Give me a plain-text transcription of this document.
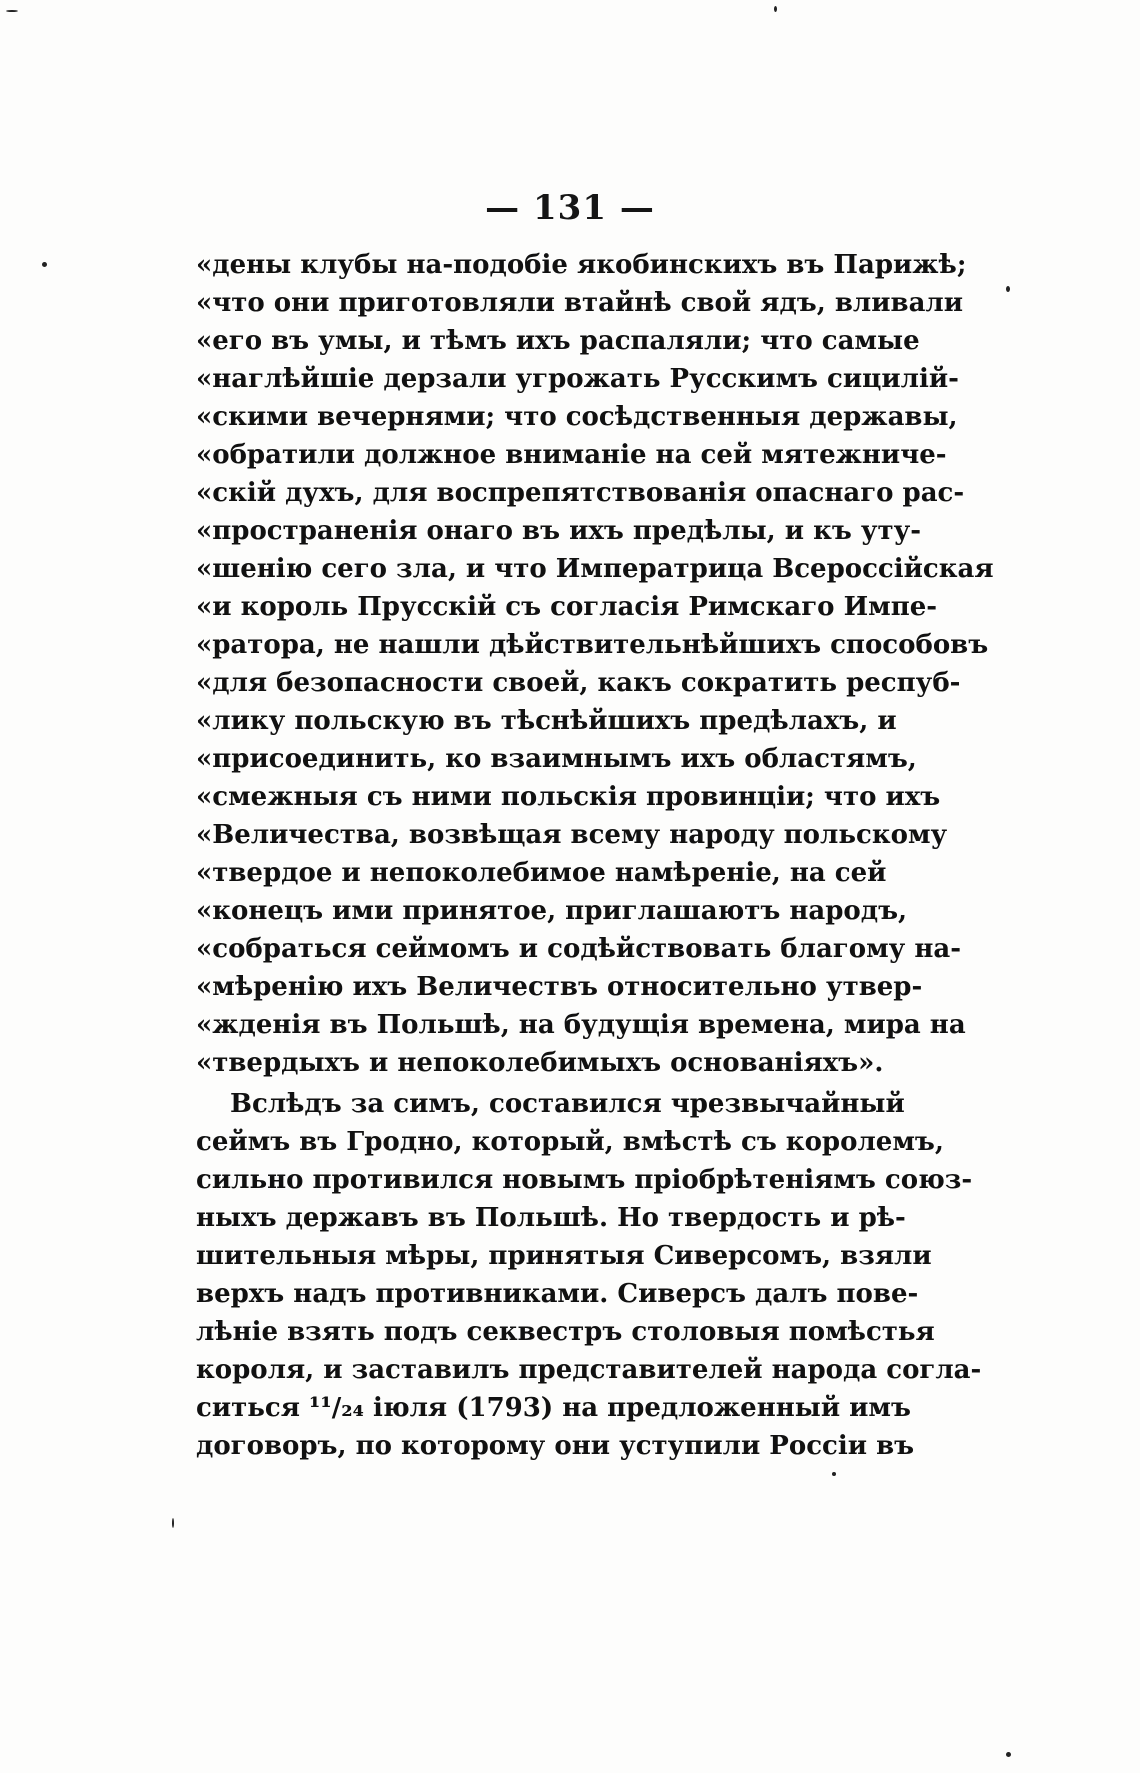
— 131 —
«дены клубы на-подобіе якобинскихъ въ Парижѣ;
«что они приготовляли втайнѣ свой ядъ, вливали
«его въ умы, и тѣмъ ихъ распаляли; что самые
«наглѣйшіе дерзали угрожать Русскимъ сицилій-
«скими вечернями; что сосѣдственныя державы,
«обратили должное вниманіе на сей мятежниче-
«скій духъ, для воспрепятствованія опаснаго рас-
«пространенія онаго въ ихъ предѣлы, и къ уту-
«шенію сего зла, и что Императрица Всероссійская
«и король Прусскій съ согласія Римскаго Импе-
«ратора, не нашли дѣйствительнѣйшихъ способовъ
«для безопасности своей, какъ сократить респуб-
«лику польскую въ тѣснѣйшихъ предѣлахъ, и
«присоединить, ко взаимнымъ ихъ областямъ,
«смежныя съ ними польскія провинціи; что ихъ
«Величества, возвѣщая всему народу польскому
«твердое и непоколебимое намѣреніе, на сей
«конецъ ими принятое, приглашаютъ народъ,
«собраться сеймомъ и содѣйствовать благому на-
«мѣренію ихъ Величествъ относительно утвер-
«жденія въ Польшѣ, на будущія времена, мира на
«твердыхъ и непоколебимыхъ основаніяхъ».
Вслѣдъ за симъ, составился чрезвычайный
сеймъ въ Гродно, который, вмѣстѣ съ королемъ,
сильно противился новымъ пріобрѣтеніямъ союз-
ныхъ державъ въ Польшѣ. Но твердость и рѣ-
шительныя мѣры, принятыя Сиверсомъ, взяли
верхъ надъ противниками. Сиверсъ далъ пове-
лѣніе взять подъ секвестръ столовыя помѣстья
короля, и заставилъ представителей народа согла-
ситься ¹¹/₂₄ іюля (1793) на предложенный имъ
договоръ, по которому они уступили Россіи въ
